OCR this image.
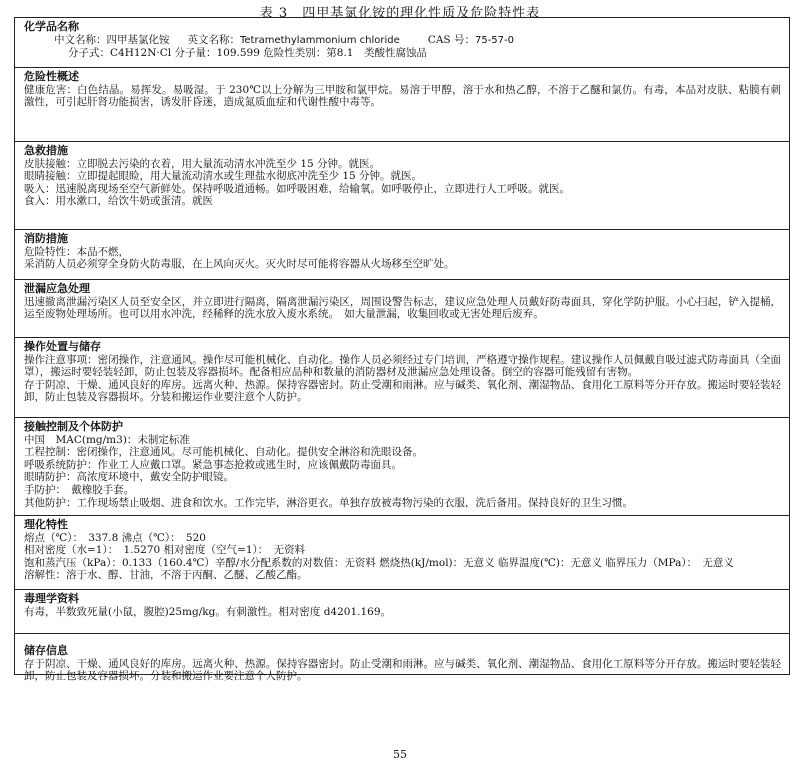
表 3　四甲基氯化铵的理化性质及危险特性表
化学品名称
中文名称：四甲基氯化铵 英文名称：Tetramethylammonium chloride	CAS 号：75-57-0
分子式：C4H12N·Cl 分子量：109.599 危险性类别：第8.1　类酸性腐蚀品
危险性概述
健康危害：白色结晶。易挥发。易吸湿。于 230℃以上分解为三甲胺和氯甲烷。易溶于甲醇，溶于水和热乙醇，不溶于乙醚和氯仿。有毒，本品对皮肤、粘膜有刺激性，可引起肝肾功能损害，诱发肝昏迷，造成氮质血症和代谢性酸中毒等。
急救措施
皮肤接触：立即脱去污染的衣着，用大量流动清水冲洗至少 15 分钟。就医。
眼睛接触：立即提起眼睑，用大量流动清水或生理盐水彻底冲洗至少 15 分钟。就医。
吸入：迅速脱离现场至空气新鲜处。保持呼吸道通畅。如呼吸困难，给输氧。如呼吸停止，立即进行人工呼吸。就医。
食入：用水漱口，给饮牛奶或蛋清。就医
消防措施
危险特性：本品不燃，
采消防人员必须穿全身防火防毒服，在上风向灭火。灭火时尽可能将容器从火场移至空旷处。
泄漏应急处理
迅速撤离泄漏污染区人员至安全区，并立即进行隔离，隔离泄漏污染区，周围设警告标志，建议应急处理人员戴好防毒面具，穿化学防护服。小心扫起，铲入提桶，运至废物处理场所。也可以用水冲洗，经稀释的洗水放入废水系统。　如大量泄漏，收集回收或无害处理后废弃。
操作处置与储存
操作注意事项：密闭操作，注意通风。操作尽可能机械化、自动化。操作人员必须经过专门培训，严格遵守操作规程。建议操作人员佩戴自吸过滤式防毒面具（全面罩），搬运时要轻装轻卸，防止包装及容器损坏。配备相应品种和数量的消防器材及泄漏应急处理设备。倒空的容器可能残留有害物。
存于阴凉、干燥、通风良好的库房。远离火种、热源。保持容器密封。防止受潮和雨淋。应与碱类、氧化剂、潮湿物品、食用化工原料等分开存放。搬运时要轻装轻卸，防止包装及容器损坏。分装和搬运作业要注意个人防护。
接触控制及个体防护
中国　MAC(mg/m3)：未制定标准
工程控制：密闭操作，注意通风。尽可能机械化、自动化。提供安全淋浴和洗眼设备。
呼吸系统防护：作业工人应戴口罩。紧急事态抢救或逃生时，应该佩戴防毒面具。
眼睛防护：高浓度环境中，戴安全防护眼镜。
手防护：　戴橡胶手套。
其他防护：工作现场禁止吸烟、进食和饮水。工作完毕，淋浴更衣。单独存放被毒物污染的衣服，洗后备用。保持良好的卫生习惯。
理化特性
熔点（℃）：　337.8 沸点（℃）：　520
相对密度（水=1）：　1.5270 相对密度（空气=1）：　无资料
饱和蒸汽压（kPa）：0.133（160.4℃）辛醇/水分配系数的对数值：无资料 燃烧热(kJ/mol)：无意义 临界温度(℃)：无意义 临界压力（MPa）：　无意义
溶解性：溶于水、醇、甘油，不溶于丙酮、乙醚、乙酸乙酯。
毒理学资料
有毒，半数致死量(小鼠，腹腔)25mg/kg。有刺激性。相对密度 d4201.169。
储存信息
存于阴凉、干燥、通风良好的库房。远离火种、热源。保持容器密封。防止受潮和雨淋。应与碱类、氧化剂、潮湿物品、食用化工原料等分开存放。搬运时要轻装轻卸，防止包装及容器损坏。分装和搬运作业要注意个人防护。
55
